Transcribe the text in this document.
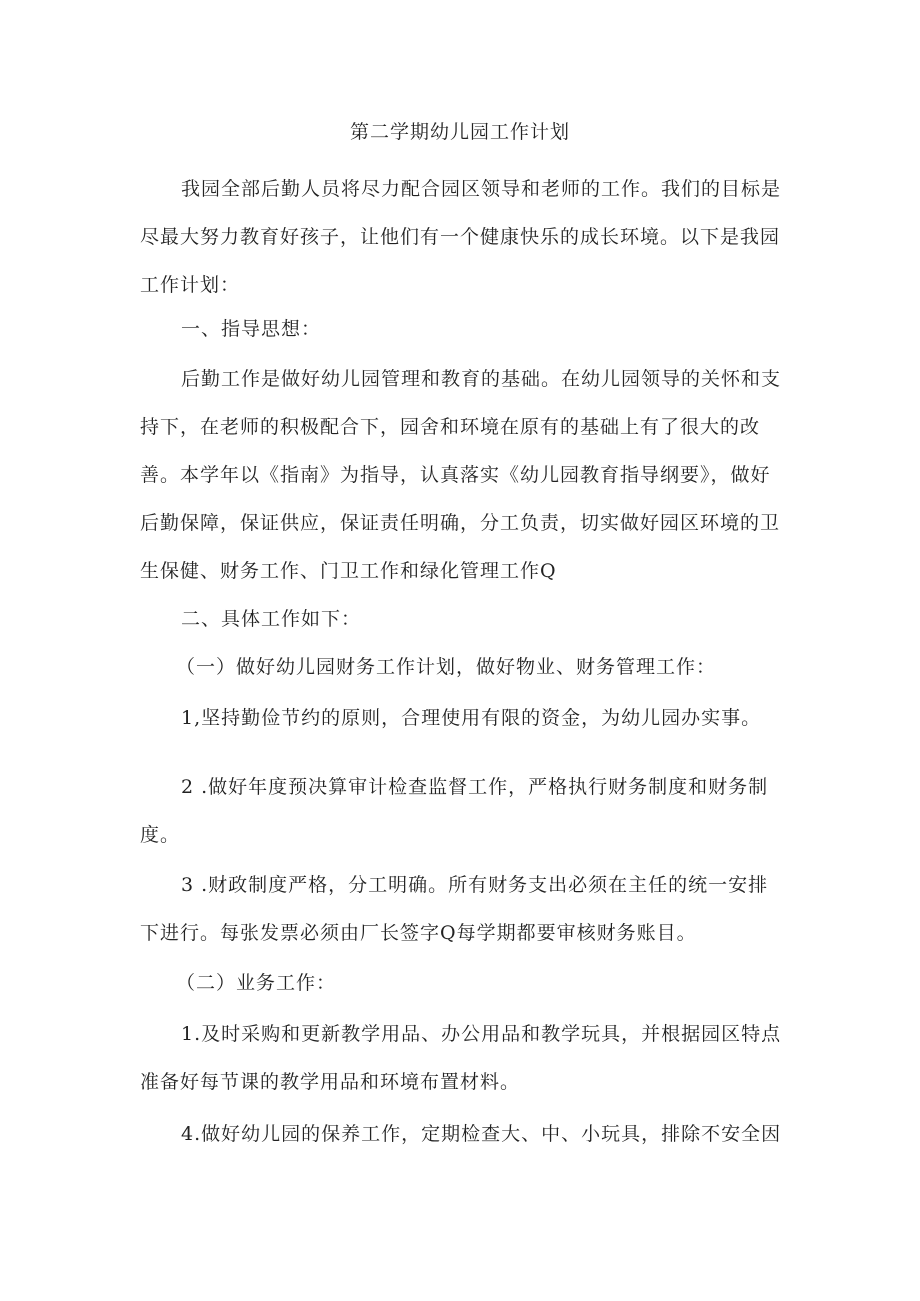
第二学期幼儿园工作计划

我园全部后勤人员将尽力配合园区领导和老师的工作。我们的目标是尽最大努力教育好孩子，让他们有一个健康快乐的成长环境。以下是我园工作计划：

一、指导思想：

后勤工作是做好幼儿园管理和教育的基础。在幼儿园领导的关怀和支持下，在老师的积极配合下，园舍和环境在原有的基础上有了很大的改善。本学年以《指南》为指导，认真落实《幼儿园教育指导纲要》，做好后勤保障，保证供应，保证责任明确，分工负责，切实做好园区环境的卫生保健、财务工作、门卫工作和绿化管理工作Q

二、具体工作如下：

（一）做好幼儿园财务工作计划，做好物业、财务管理工作：

1,坚持勤俭节约的原则，合理使用有限的资金，为幼儿园办实事。

2 .做好年度预决算审计检查监督工作，严格执行财务制度和财务制度。

3 .财政制度严格，分工明确。所有财务支出必须在主任的统一安排下进行。每张发票必须由厂长签字Q每学期都要审核财务账目。

（二）业务工作：

1.及时采购和更新教学用品、办公用品和教学玩具，并根据园区特点准备好每节课的教学用品和环境布置材料。

4.做好幼儿园的保养工作，定期检查大、中、小玩具，排除不安全因
